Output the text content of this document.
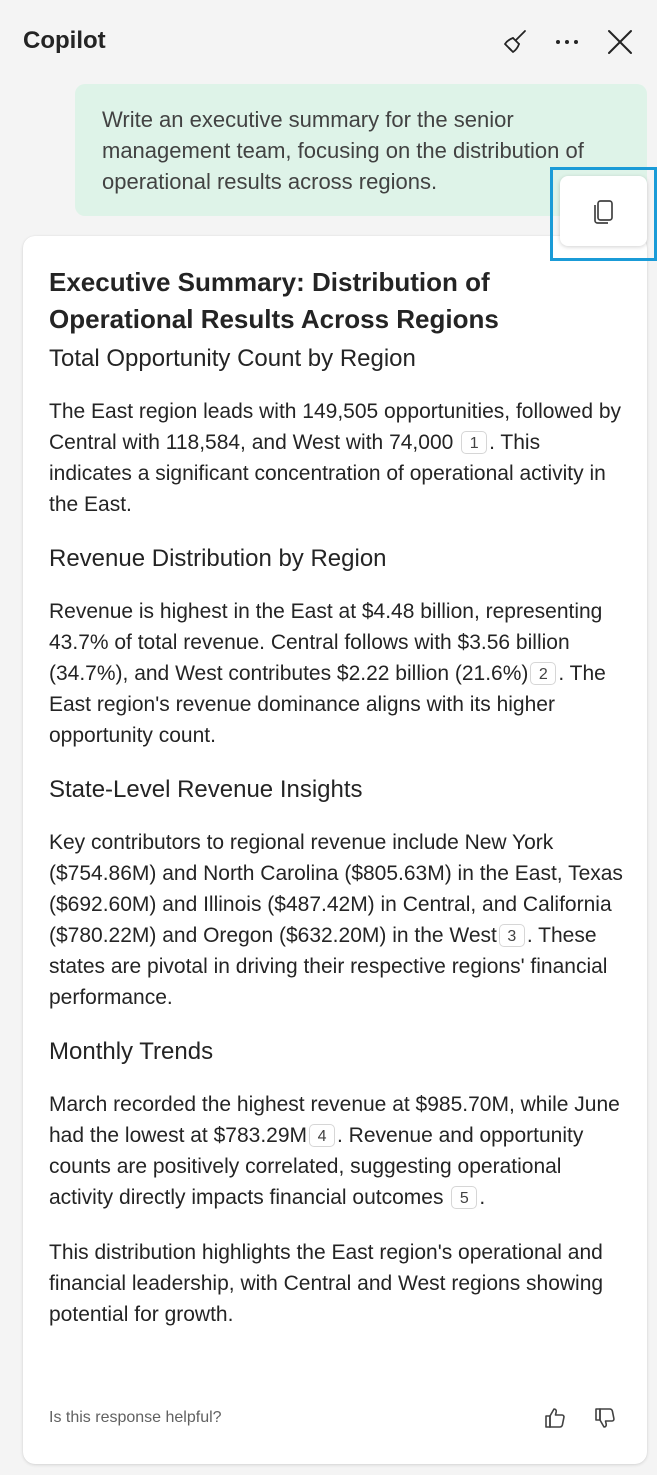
Copilot
Write an executive summary for the senior management team, focusing on the distribution of operational results across regions.
Executive Summary: Distribution of Operational Results Across Regions
Total Opportunity Count by Region

The East region leads with 149,505 opportunities, followed by Central with 118,584, and West with 74,000 1 . This indicates a significant concentration of operational activity in the East.

Revenue Distribution by Region

Revenue is highest in the East at $4.48 billion, representing 43.7% of total revenue. Central follows with $3.56 billion (34.7%), and West contributes $2.22 billion (21.6%) 2 . The East region's revenue dominance aligns with its higher opportunity count.

State-Level Revenue Insights

Key contributors to regional revenue include New York ($754.86M) and North Carolina ($805.63M) in the East, Texas ($692.60M) and Illinois ($487.42M) in Central, and California ($780.22M) and Oregon ($632.20M) in the West 3 . These states are pivotal in driving their respective regions' financial performance.

Monthly Trends

March recorded the highest revenue at $985.70M, while June had the lowest at $783.29M 4 . Revenue and opportunity counts are positively correlated, suggesting operational activity directly impacts financial outcomes 5 .

This distribution highlights the East region's operational and financial leadership, with Central and West regions showing potential for growth.

Is this response helpful?
